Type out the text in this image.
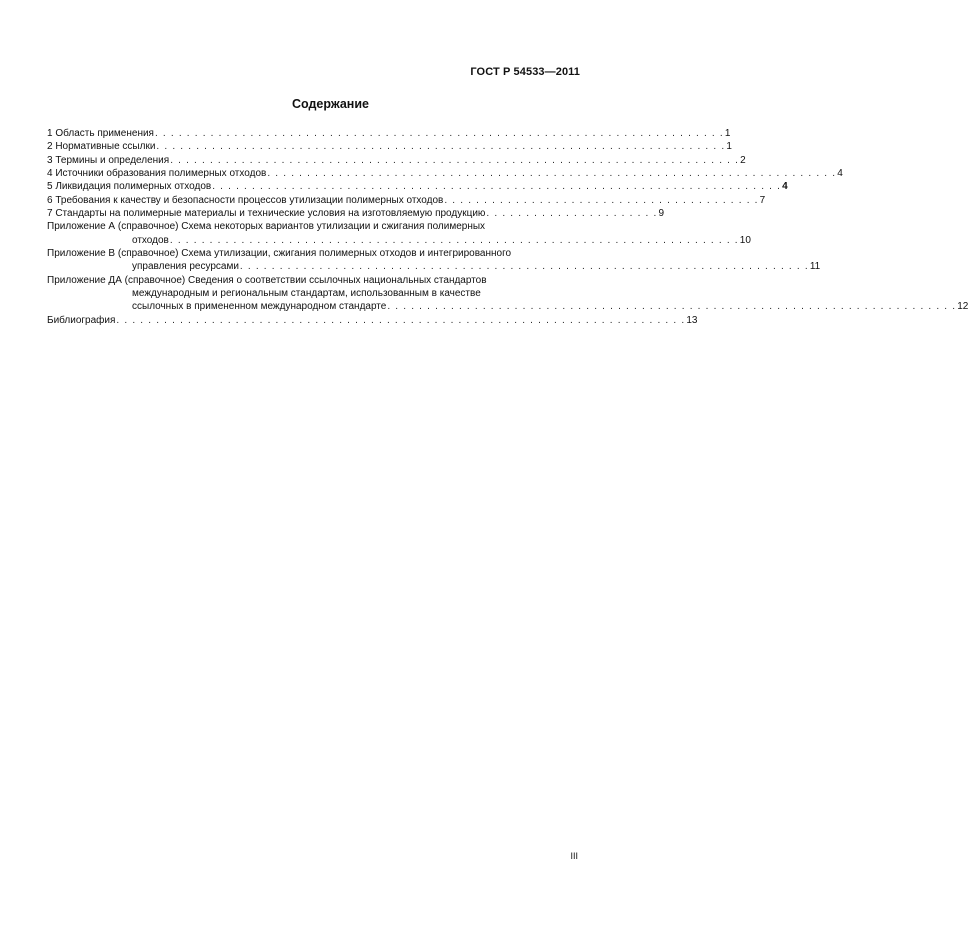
ГОСТ Р 54533—2011
Содержание
1 Область применения . . . . . . . . . . . . . . . . . . . . . . . . . . . . . . . . . . . . . . . . . . . . . . . . . . . . . . . . . . . . . . . . . . . . . . . . 1
2 Нормативные ссылки . . . . . . . . . . . . . . . . . . . . . . . . . . . . . . . . . . . . . . . . . . . . . . . . . . . . . . . . . . . . . . . . . . . . . . . . 1
3 Термины и определения . . . . . . . . . . . . . . . . . . . . . . . . . . . . . . . . . . . . . . . . . . . . . . . . . . . . . . . . . . . . . . . . . . . . . . . . 2
4 Источники образования полимерных отходов . . . . . . . . . . . . . . . . . . . . . . . . . . . . . . . . . . . . . . . . . . . . . . . . . . . . . . . . . . . . . . . . . . . . . . . . 4
5 Ликвидация полимерных отходов . . . . . . . . . . . . . . . . . . . . . . . . . . . . . . . . . . . . . . . . . . . . . . . . . . . . . . . . . . . . . . . . . . . . . . . . 4
6 Требования к качеству и безопасности процессов утилизации полимерных отходов . . . . . . . . . . . . . . . . . . . . . . . . . . . . . . . . . . . . . . . . 7
7 Стандарты на полимерные материалы и технические условия на изготовляемую продукцию . . . . . . . . . . . . . . . . . . . . . . 9
Приложение А (справочное) Схема некоторых вариантов утилизации и сжигания полимерных
отходов . . . . . . . . . . . . . . . . . . . . . . . . . . . . . . . . . . . . . . . . . . . . . . . . . . . . . . . . . . . . . . . . . . . . . . . . 10
Приложение В (справочное) Схема утилизации, сжигания полимерных отходов и интегрированного
управления ресурсами . . . . . . . . . . . . . . . . . . . . . . . . . . . . . . . . . . . . . . . . . . . . . . . . . . . . . . . . . . . . . . . . . . . . . . . . 11
Приложение ДА (справочное) Сведения о соответствии ссылочных национальных стандартов
международным и региональным стандартам, использованным в качестве
ссылочных в примененном международном стандарте . . . . . . . . . . . . . . . . . . . . . . . . . . . . . . . . . . . . . . . . . . . . . . . . . . . . . . . . . . . . . . . . . . . . . . . . 12
Библиография . . . . . . . . . . . . . . . . . . . . . . . . . . . . . . . . . . . . . . . . . . . . . . . . . . . . . . . . . . . . . . . . . . . . . . . . 13
III
